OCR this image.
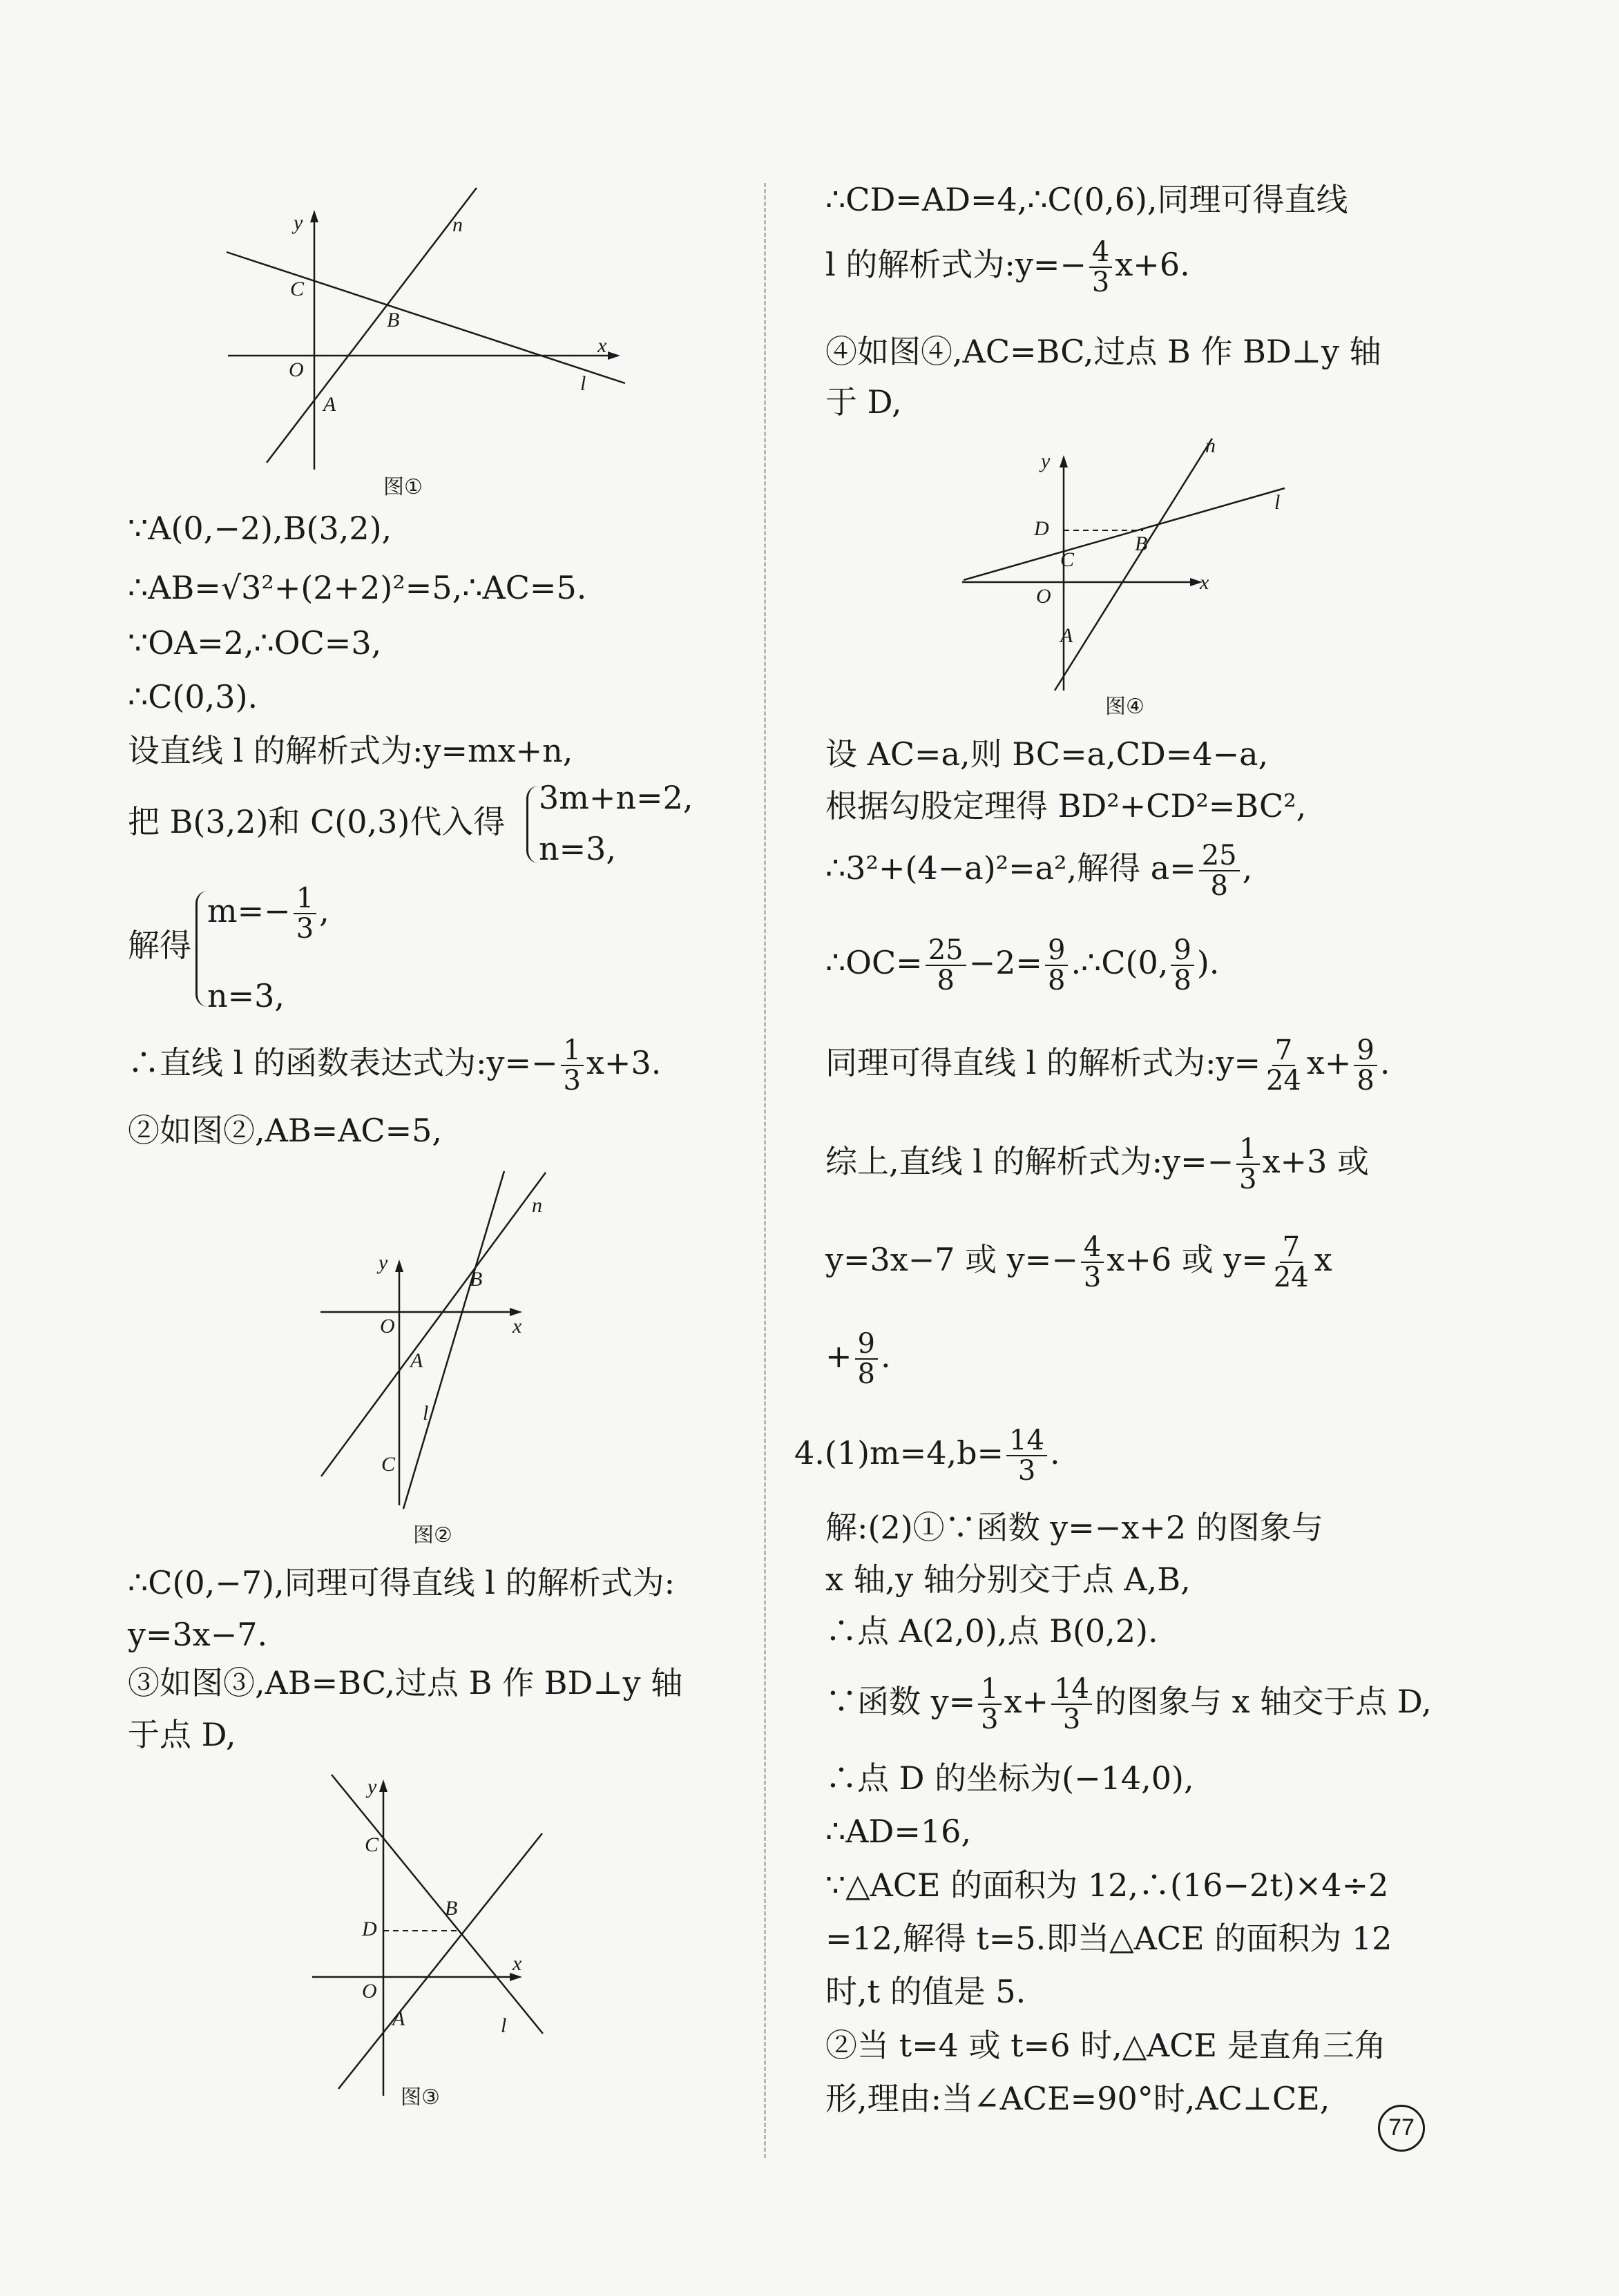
y
x
n
l
C
B
O
A
图①
∵A(0,−2),B(3,2),
∴AB=√3²+(2+2)²=5,∴AC=5.
∵OA=2,∴OC=3,
∴C(0,3).
设直线 l 的解析式为:y=mx+n,
把 B(3,2)和 C(0,3)代入得
3m+n=2,
n=3,
解得
$m=- \frac{1}{3}$ ,
n=3,
∴直线 l 的函数表达式为:y=− $\frac{1}{3} x+3$.
②如图②,AB=AC=5,
y
x
n
l
B
O
A
C
图②
∴C(0,−7),同理可得直线 l 的解析式为:
y=3x−7.
③如图③,AB=BC,过点 B 作 BD⊥y 轴
于点 D,
y
x
l
C
B
D
O
A
图③
∴CD=AD=4,∴C(0,6),同理可得直线
l 的解析式为:y=− $\frac{4}{3} x+6$.
④如图④,AC=BC,过点 B 作 BD⊥y 轴
于 D,
y
x
n
l
D
B
C
O
A
图④
设 AC=a,则 BC=a,CD=4−a,
根据勾股定理得 BD²+CD²=BC²,
∴3²+(4−a)²=a²,解得 $a= \frac{25}{8}$ ,
∴OC= $\frac{25}{8} -2= \frac{9}{8}$ .∴C(0, $\frac{9}{8}$ ).
同理可得直线 l 的解析式为:y= $\frac{7}{24} x+ \frac{9}{8}$ .
综上,直线 l 的解析式为:y=− $\frac{1}{3} x+3$ 或
y=3x−7 或 $y=- \frac{4}{3} x+6$ 或 $y= \frac{7}{24}$ x
+ $\frac{9}{8}$ .
$4.(1)m=4,b= \frac{14}{3}$ .
解:(2)①∵函数 y=−x+2 的图象与
x 轴,y 轴分别交于点 A,B,
∴点 A(2,0),点 B(0,2).
∵函数 $y= \frac{1}{3} x+ \frac{14}{3}$ 的图象与 x 轴交于点 D,
∴点 D 的坐标为(−14,0),
∴AD=16,
∵△ACE 的面积为 12,∴(16−2t)×4÷2
=12,解得 t=5.即当△ACE 的面积为 12
时,t 的值是 5.
②当 t=4 或 t=6 时,△ACE 是直角三角
形,理由:当∠ACE=90°时,AC⊥CE,
77
